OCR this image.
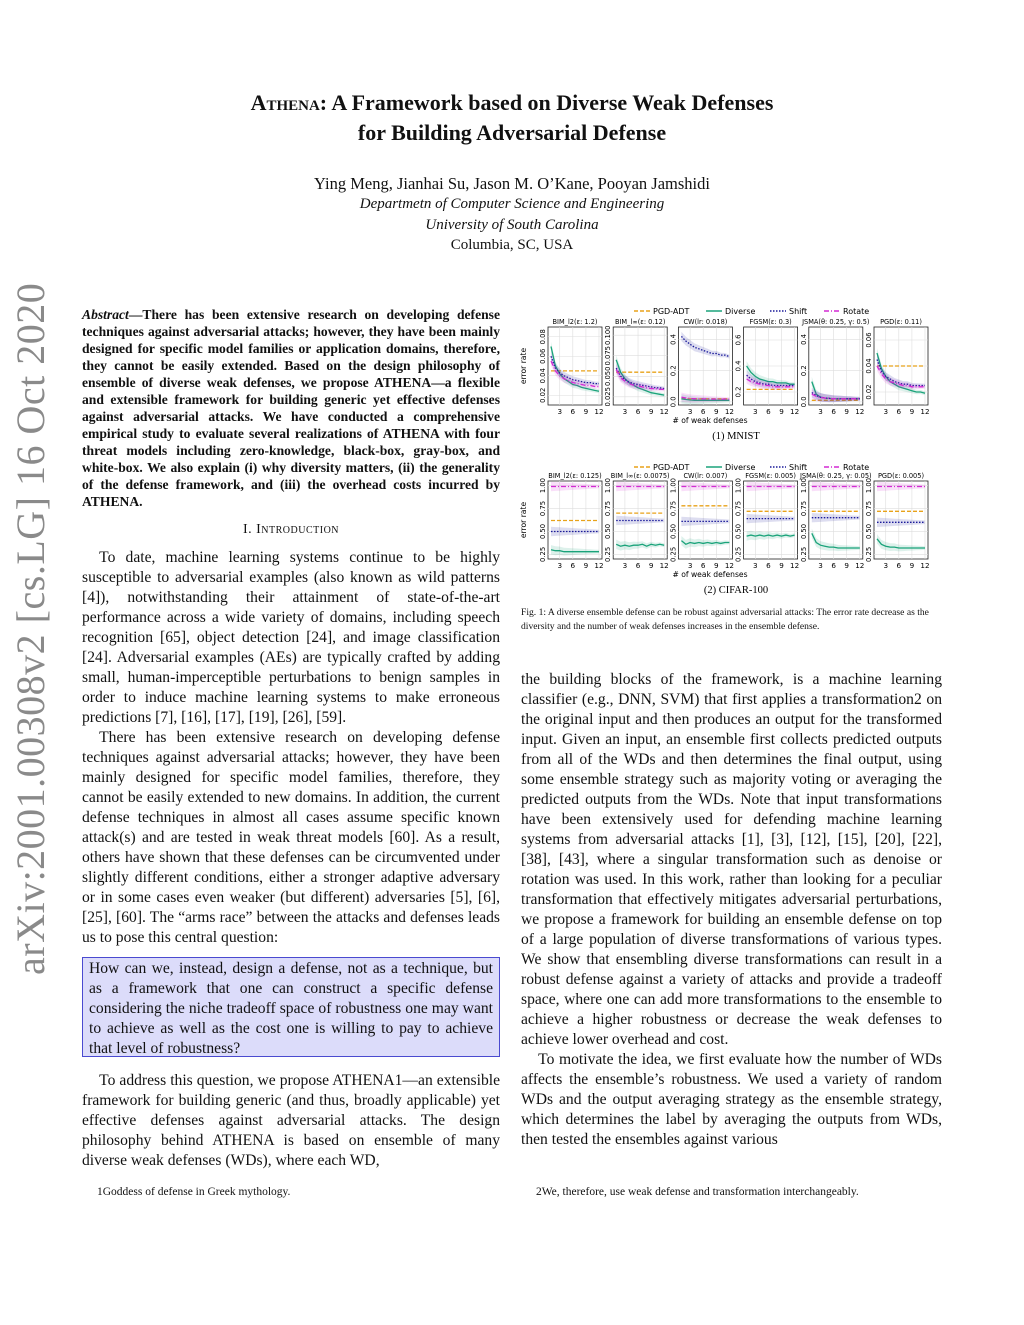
arXiv:2001.00308v2 [cs.LG] 16 Oct 2020
Athena: A Framework based on Diverse Weak Defenses
for Building Adversarial Defense
Ying Meng, Jianhai Su, Jason M. O’Kane, Pooyan Jamshidi
Departmetn of Computer Science and Engineering
University of South Carolina
Columbia, SC, USA
Abstract—There has been extensive research on developing defense techniques against adversarial attacks; however, they have been mainly designed for specific model families or application domains, therefore, they cannot be easily extended. Based on the design philosophy of ensemble of diverse weak defenses, we propose ATHENA—a flexible and extensible framework for building generic yet effective defenses against adversarial attacks. We have conducted a comprehensive empirical study to evaluate several realizations of ATHENA with four threat models including zero-knowledge, black-box, gray-box, and white-box. We also explain (i) why diversity matters, (ii) the generality of the defense framework, and (iii) the overhead costs incurred by ATHENA.
I. Introduction

To date, machine learning systems continue to be highly susceptible to adversarial examples (also known as wild patterns [4]), notwithstanding their attainment of state-of-the-art performance across a wide variety of domains, including speech recognition [65], object detection [24], and image classification [24]. Adversarial examples (AEs) are typically crafted by adding small, human-imperceptible perturbations to benign samples in order to induce machine learning systems to make erroneous predictions [7], [16], [17], [19], [26], [59].

There has been extensive research on developing defense techniques against adversarial attacks; however, they have been mainly designed for specific model families, therefore, they cannot be easily extended to new domains. In addition, the current defense techniques in almost all cases assume specific known attack(s) and are tested in weak threat models [60]. As a result, others have shown that these defenses can be circumvented under slightly different conditions, either a stronger adaptive adversary or in some cases even weaker (but different) adversaries [5], [6], [25], [60]. The “arms race” between the attacks and defenses leads us to pose this central question:

How can we, instead, design a defense, not as a technique, but as a framework that one can construct a specific defense considering the niche tradeoff space of robustness one may want to achieve as well as the cost one is willing to pay to achieve that level of robustness?

To address this question, we propose ATHENA1—an extensible framework for building generic (and thus, broadly applicable) yet effective defenses against adversarial attacks. The design philosophy behind ATHENA is based on ensemble of many diverse weak defenses (WDs), where each WD,

1Goddess of defense in Greek mythology.
PGD-ADT	Diverse	Shift	Rotate
BIM_l2(ε: 1.2)
3 6 9 12
0.02
0.04
0.06
0.08
BIM_l∞(ε: 0.12)
3 6 9 12
0.025
0.050
0.075
0.100
CW(lr: 0.018)
3 6 9 12
0.0
0.2
0.4
FGSM(ε: 0.3)
3 6 9 12
0.2
0.4
0.6
JSMA(θ: 0.25, γ: 0.5)
3 6 9 12
0.0
0.2
0.4
PGD(ε: 0.11)
3 6 9 12
0.02
0.04
0.06
error rate
# of weak defenses
PGD-ADT	Diverse	Shift	Rotate
BIM_l2(ε: 0.125)
3 6 9 12
0.25
0.50
0.75
1.00
BIM_l∞(ε: 0.0075)
3 6 9 12
0.25
0.50
0.75
1.00
CW(lr: 0.007)
3 6 9 12
0.25
0.50
0.75
1.00
FGSM(ε: 0.005)
3 6 9 12
0.25
0.50
0.75
1.00
JSMA(θ: 0.25, γ: 0.05)
3 6 9 12
0.25
0.50
0.75
1.00
PGD(ε: 0.005)
3 6 9 12
0.25
0.50
0.75
1.00
error rate
# of weak defenses
(1) MNIST
(2) CIFAR-100
Fig. 1: A diverse ensemble defense can be robust against adversarial attacks: The error rate decrease as the diversity and the number of weak defenses increases in the ensemble defense.

the building blocks of the framework, is a machine learning classifier (e.g., DNN, SVM) that first applies a transformation2 on the original input and then produces an output for the transformed input. Given an input, an ensemble first collects predicted outputs from all of the WDs and then determines the final output, using some ensemble strategy such as majority voting or averaging the predicted outputs from the WDs. Note that input transformations have been extensively used for defending machine learning systems from adversarial attacks [1], [3], [12], [15], [20], [22], [38], [43], where a singular transformation such as denoise or rotation was used. In this work, rather than looking for a peculiar transformation that effectively mitigates adversarial perturbations, we propose a framework for building an ensemble defense on top of a large population of diverse transformations of various types. We show that ensembling diverse transformations can result in a robust defense against a variety of attacks and provide a tradeoff space, where one can add more transformations to the ensemble to achieve a higher robustness or decrease the weak defenses to achieve lower overhead and cost.

To motivate the idea, we first evaluate how the number of WDs affects the ensemble’s robustness. We used a variety of random WDs and the output averaging strategy as the ensemble strategy, which determines the label by averaging the outputs from WDs, then tested the ensembles against various

2We, therefore, use weak defense and transformation interchangeably.
